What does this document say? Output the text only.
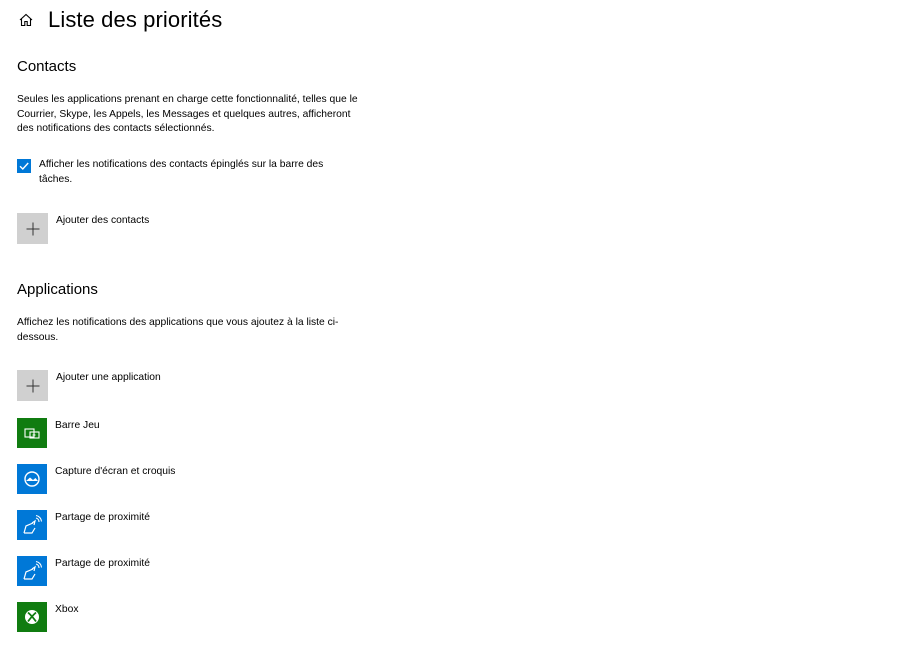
Liste des priorités
Contacts
Seules les applications prenant en charge cette fonctionnalité, telles que le Courrier, Skype, les Appels, les Messages et quelques autres, afficheront des notifications des contacts sélectionnés.
Afficher les notifications des contacts épinglés sur la barre des tâches.
Ajouter des contacts
Applications
Affichez les notifications des applications que vous ajoutez à la liste ci-dessous.
Ajouter une application
Barre Jeu
Capture d'écran et croquis
Partage de proximité
Partage de proximité
Xbox
